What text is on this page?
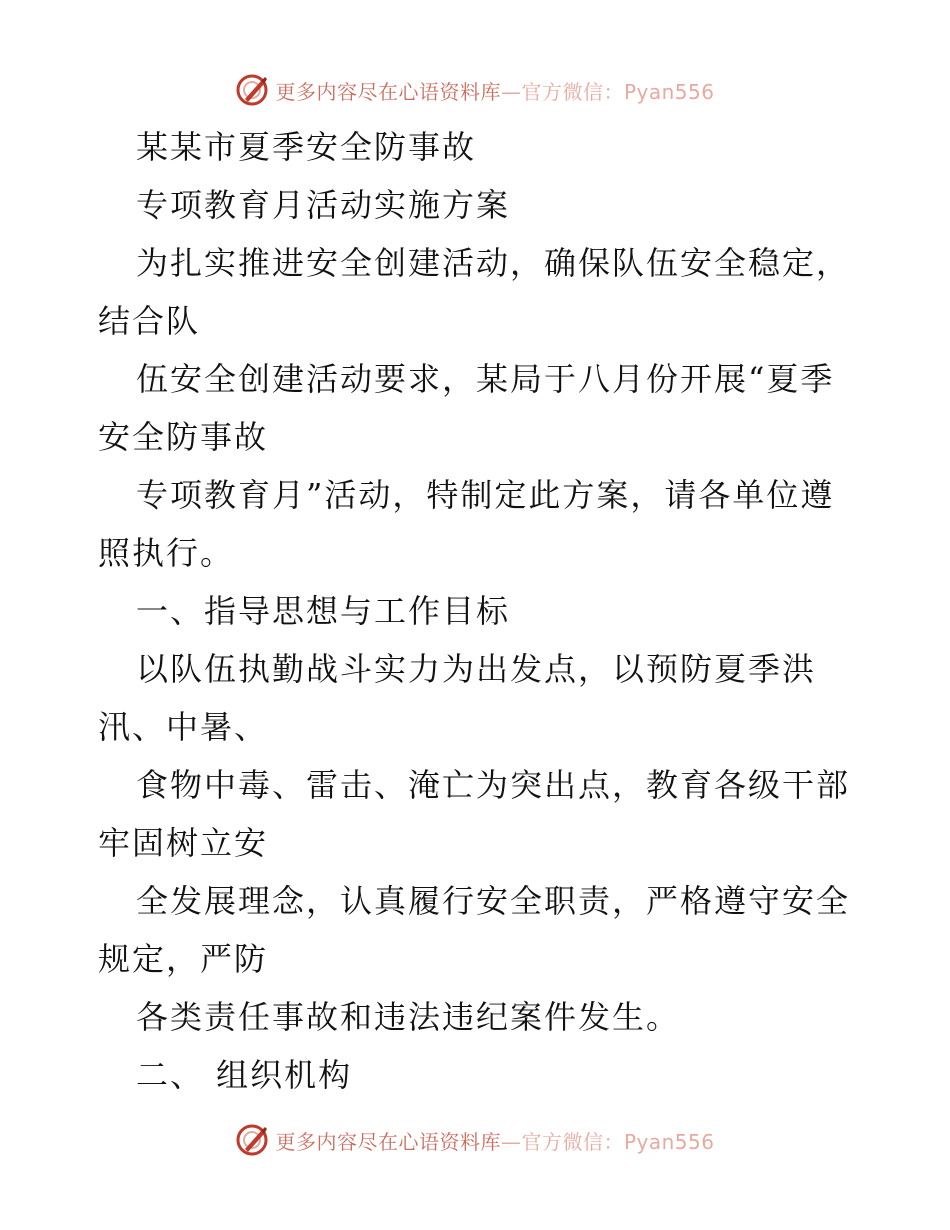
更多内容尽在心语资料库—官方微信：Pyan556
某某市夏季安全防事故
专项教育月活动实施方案
为扎实推进安全创建活动，确保队伍安全稳定，
结合队
伍安全创建活动要求，某局于八月份开展“夏季
安全防事故
专项教育月”活动，特制定此方案，请各单位遵
照执行。
一、指导思想与工作目标
以队伍执勤战斗实力为出发点，以预防夏季洪
汛、中暑、
食物中毒、雷击、淹亡为突出点，教育各级干部
牢固树立安
全发展理念，认真履行安全职责，严格遵守安全
规定，严防
各类责任事故和违法违纪案件发生。
二、 组织机构
更多内容尽在心语资料库—官方微信：Pyan556
